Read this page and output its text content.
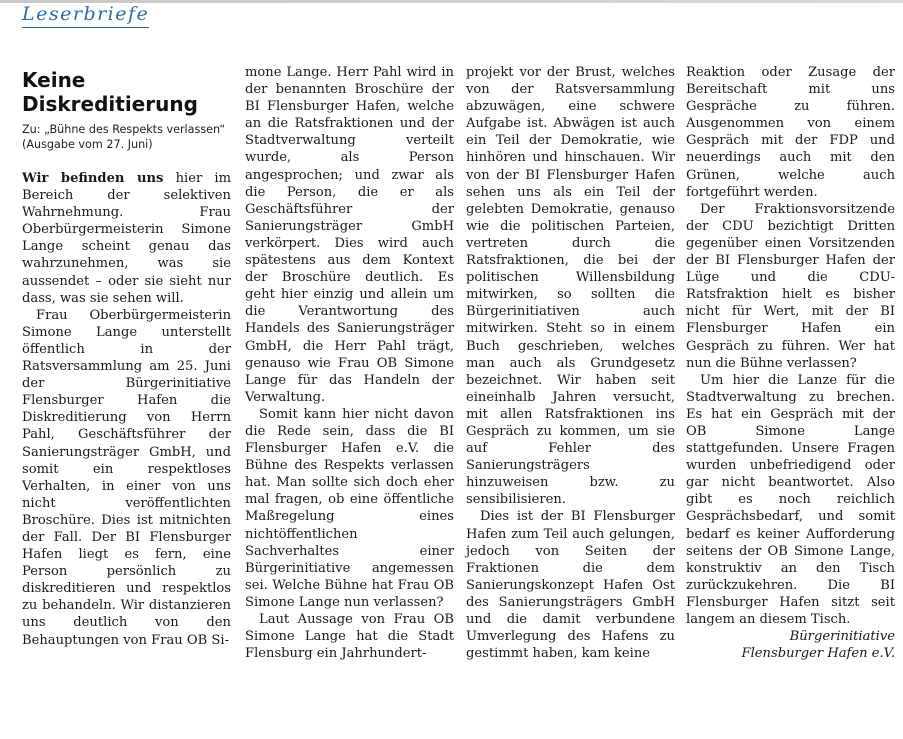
Leserbriefe
Keine Diskreditierung
Zu: „Bühne des Respekts verlassen“ (Ausgabe vom 27. Juni)

Wir befinden uns hier im Bereich der selektiven Wahrnehmung. Frau Oberbürgermeisterin Simone Lange scheint genau das wahrzunehmen, was sie aussendet – oder sie sieht nur dass, was sie sehen will.

Frau Oberbürgermeisterin Simone Lange unterstellt öffentlich in der Ratsversammlung am 25. Juni der Bürgerinitiative Flensburger Hafen die Diskreditierung von Herrn Pahl, Geschäftsführer der Sanierungsträger GmbH, und somit ein respektloses Verhalten, in einer von uns nicht veröffentlichten Broschüre. Dies ist mitnichten der Fall. Der BI Flensburger Hafen liegt es fern, eine Person persönlich zu diskreditieren und respektlos zu behandeln. Wir distanzieren uns deutlich von den Behauptungen von Frau OB Si-

mone Lange. Herr Pahl wird in der benannten Broschüre der BI Flensburger Hafen, welche an die Ratsfraktionen und der Stadtverwaltung verteilt wurde, als Person angesprochen; und zwar als die Person, die er als Geschäftsführer der Sanierungsträger GmbH verkörpert. Dies wird auch spätestens aus dem Kontext der Broschüre deutlich. Es geht hier einzig und allein um die Verantwortung des Handels des Sanierungsträger GmbH, die Herr Pahl trägt, genauso wie Frau OB Simone Lange für das Handeln der Verwaltung.

Somit kann hier nicht davon die Rede sein, dass die BI Flensburger Hafen e.V. die Bühne des Respekts verlassen hat. Man sollte sich doch eher mal fragen, ob eine öffentliche Maßregelung eines nichtöffentlichen Sachverhaltes einer Bürgerinitiative angemessen sei. Welche Bühne hat Frau OB Simone Lange nun verlassen?

Laut Aussage von Frau OB Simone Lange hat die Stadt Flensburg ein Jahrhundert-

projekt vor der Brust, welches von der Ratsversammlung abzuwägen, eine schwere Aufgabe ist. Abwägen ist auch ein Teil der Demokratie, wie hinhören und hinschauen. Wir von der BI Flensburger Hafen sehen uns als ein Teil der gelebten Demokratie, genauso wie die politischen Parteien, vertreten durch die Ratsfraktionen, die bei der politischen Willensbildung mitwirken, so sollten die Bürgerinitiativen auch mitwirken. Steht so in einem Buch geschrieben, welches man auch als Grundgesetz bezeichnet. Wir haben seit eineinhalb Jahren versucht, mit allen Ratsfraktionen ins Gespräch zu kommen, um sie auf Fehler des Sanierungsträgers hinzuweisen bzw. zu sensibilisieren.

Dies ist der BI Flensburger Hafen zum Teil auch gelungen, jedoch von Seiten der Fraktionen die dem Sanierungskonzept Hafen Ost des Sanierungsträgers GmbH und die damit verbundene Umverlegung des Hafens zu gestimmt haben, kam keine

Reaktion oder Zusage der Bereitschaft mit uns Gespräche zu führen. Ausgenommen von einem Gespräch mit der FDP und neuerdings auch mit den Grünen, welche auch fortgeführt werden.

Der Fraktionsvorsitzende der CDU bezichtigt Dritten gegenüber einen Vorsitzenden der BI Flensburger Hafen der Lüge und die CDU-Ratsfraktion hielt es bisher nicht für Wert, mit der BI Flensburger Hafen ein Gespräch zu führen. Wer hat nun die Bühne verlassen?

Um hier die Lanze für die Stadtverwaltung zu brechen. Es hat ein Gespräch mit der OB Simone Lange stattgefunden. Unsere Fragen wurden unbefriedigend oder gar nicht beantwortet. Also gibt es noch reichlich Gesprächsbedarf, und somit bedarf es keiner Aufforderung seitens der OB Simone Lange, konstruktiv an den Tisch zurückzukehren. Die BI Flensburger Hafen sitzt seit langem an diesem Tisch.

Bürgerinitiative
Flensburger Hafen e.V.
